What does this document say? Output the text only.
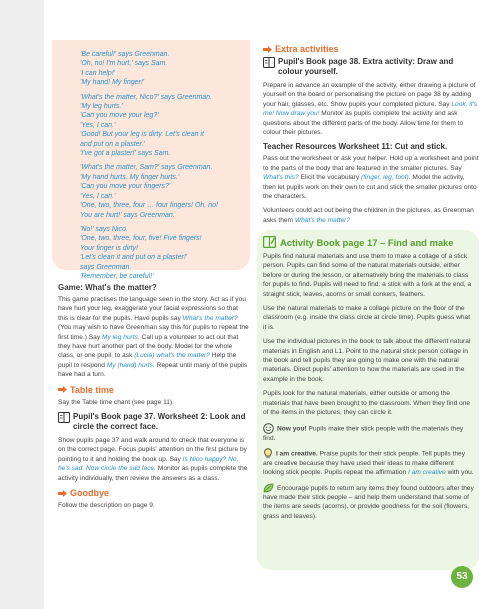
'Be careful!' says Greenman.
'Oh, no! I'm hurt,' says Sam.
'I can help!'
'My hand! My finger!'
'What's the matter, Nico?' says Greenman.
'My leg hurts.'
'Can you move your leg?'
'Yes, I can.'
'Good! But your leg is dirty. Let's clean it
and put on a plaster.'
'I've got a plaster!' says Sam.
'What's the matter, Sam?' says Greenman.
'My hand hurts. My finger hurts.'
'Can you move your fingers?'
'Yes, I can.'
'One, two, three, four … four fingers! Oh, no!
You are hurt!' says Greenman.
'No!' says Nico.
'One, two, three, four, five! Five fingers!
Your finger is dirty!
'Let's clean it and put on a plaster!'
says Greenman.
'Remember, be careful!'
Game: What's the matter?

This game practises the language seen in the story. Act as if you have hurt your leg, exaggerate your facial expressions so that this is clear for the pupils. Have pupils say What's the matter? (You may wish to have Greenman say this for pupils to repeat the first time.) Say My leg hurts. Call up a volunteer to act out that they have hurt another part of the body. Model for the whole class, or one pupil, to ask (Lucia) what's the matter? Help the pupil to respond My (hand) hurts. Repeat until many of the pupils have had a turn.

Table time

Say the Table time chant (see page 11).

Pupil's Book page 37. Worksheet 2: Look and circle the correct face.

Show pupils page 37 and walk around to check that everyone is on the correct page. Focus pupils' attention on the first picture by pointing to it and holding the book up. Say Is Nico happy? No, he's sad. Now circle the sad face. Monitor as pupils complete the activity individually, then review the answers as a class.

Goodbye

Follow the description on page 9.

Extra activities
Pupil's Book page 38. Extra activity: Draw and colour yourself.

Prepare in advance an example of the activity, either drawing a picture of yourself on the board or personalising the picture on page 38 by adding your hair, glasses, etc. Show pupils your completed picture. Say Look, it's me! Now draw you! Monitor as pupils complete the activity and ask questions about the different parts of the body. Allow time for them to colour their pictures.

Teacher Resources Worksheet 11: Cut and stick.

Pass out the worksheet or ask your helper. Hold up a worksheet and point to the parts of the body that are featured in the smaller pictures. Say What's this? Elicit the vocabulary (finger, leg, foot). Model the activity, then let pupils work on their own to cut and stick the smaller pictures onto the characters.

Volunteers could act out being the children in the pictures, as Greenman asks them What's the matter?

Activity Book page 17 – Find and make

Pupils find natural materials and use them to make a collage of a stick person. Pupils can find some of the natural materials outside, either before or during the lesson, or alternatively bring the materials to class for pupils to find. Pupils will need to find: a stick with a fork at the end, a straight stick, leaves, acorns or small conkers, feathers.

Use the natural materials to make a collage picture on the floor of the classroom (e.g. inside the class circle at circle time). Pupils guess what it is.

Use the individual pictures in the book to talk about the different natural materials in English and L1. Point to the natural stick person collage in the book and tell pupils they are going to make one with the natural materials. Direct pupils' attention to how the materials are used in the example in the book.

Pupils look for the natural materials, either outside or among the materials that have been brought to the classroom. When they find one of the items in the pictures, they can circle it.

Now you! Pupils make their stick people with the materials they find.

I am creative. Praise pupils for their stick people. Tell pupils they are creative because they have used their ideas to make different looking stick people. Pupils repeat the affirmation I am creative with you.

Encourage pupils to return any items they found outdoors after they have made their stick people – and help them understand that some of the items are seeds (acorns), or provide goodness for the soil (flowers, grass and leaves).

53
